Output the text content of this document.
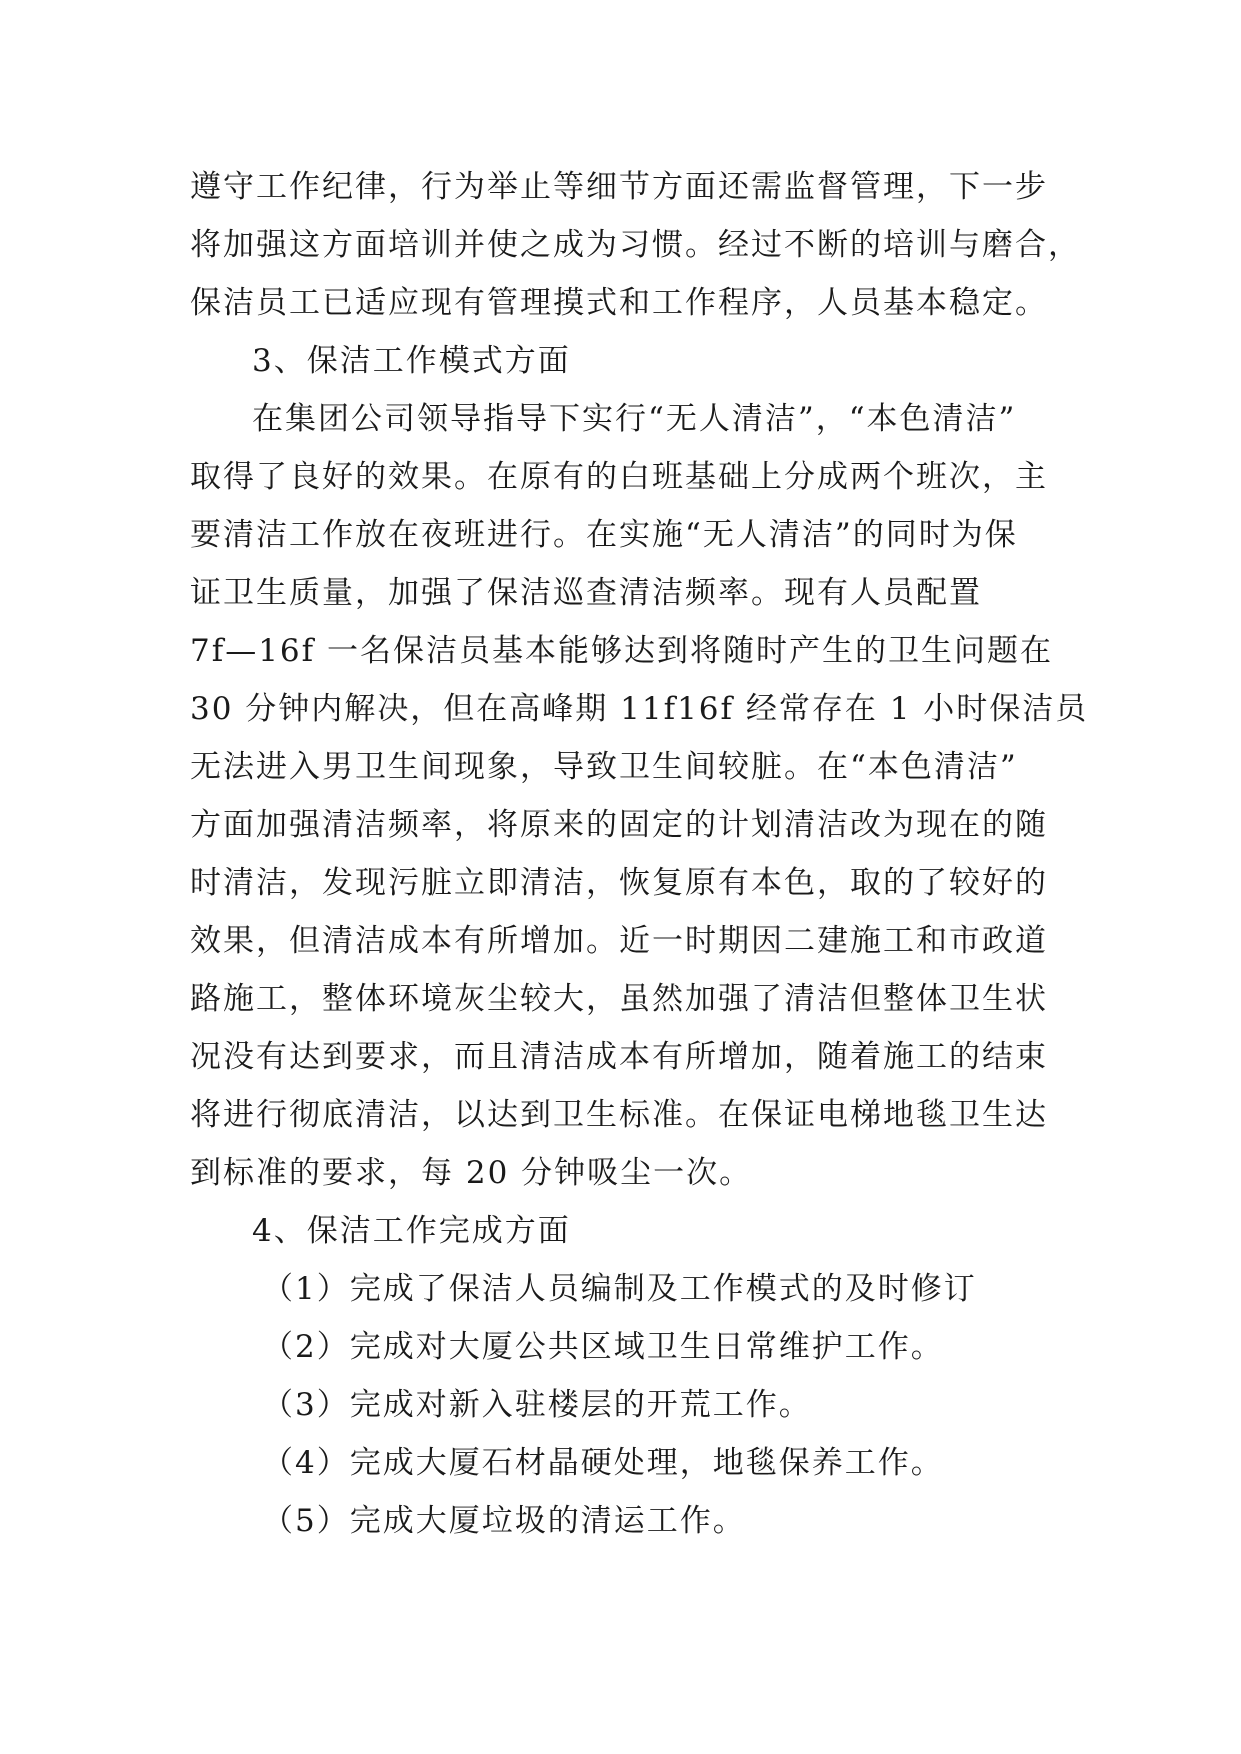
遵守工作纪律，行为举止等细节方面还需监督管理，下一步
将加强这方面培训并使之成为习惯。经过不断的培训与磨合，
保洁员工已适应现有管理摸式和工作程序，人员基本稳定。
3、保洁工作模式方面
在集团公司领导指导下实行“无人清洁”，“本色清洁”
取得了良好的效果。在原有的白班基础上分成两个班次，主
要清洁工作放在夜班进行。在实施“无人清洁”的同时为保
证卫生质量，加强了保洁巡查清洁频率。现有人员配置
7f—16f 一名保洁员基本能够达到将随时产生的卫生问题在
30 分钟内解决，但在高峰期 11f16f 经常存在 1 小时保洁员
无法进入男卫生间现象，导致卫生间较脏。在“本色清洁”
方面加强清洁频率，将原来的固定的计划清洁改为现在的随
时清洁，发现污脏立即清洁，恢复原有本色，取的了较好的
效果，但清洁成本有所增加。近一时期因二建施工和市政道
路施工，整体环境灰尘较大，虽然加强了清洁但整体卫生状
况没有达到要求，而且清洁成本有所增加，随着施工的结束
将进行彻底清洁，以达到卫生标准。在保证电梯地毯卫生达
到标准的要求，每 20 分钟吸尘一次。
4、保洁工作完成方面
（1）完成了保洁人员编制及工作模式的及时修订
（2）完成对大厦公共区域卫生日常维护工作。
（3）完成对新入驻楼层的开荒工作。
（4）完成大厦石材晶硬处理，地毯保养工作。
（5）完成大厦垃圾的清运工作。
